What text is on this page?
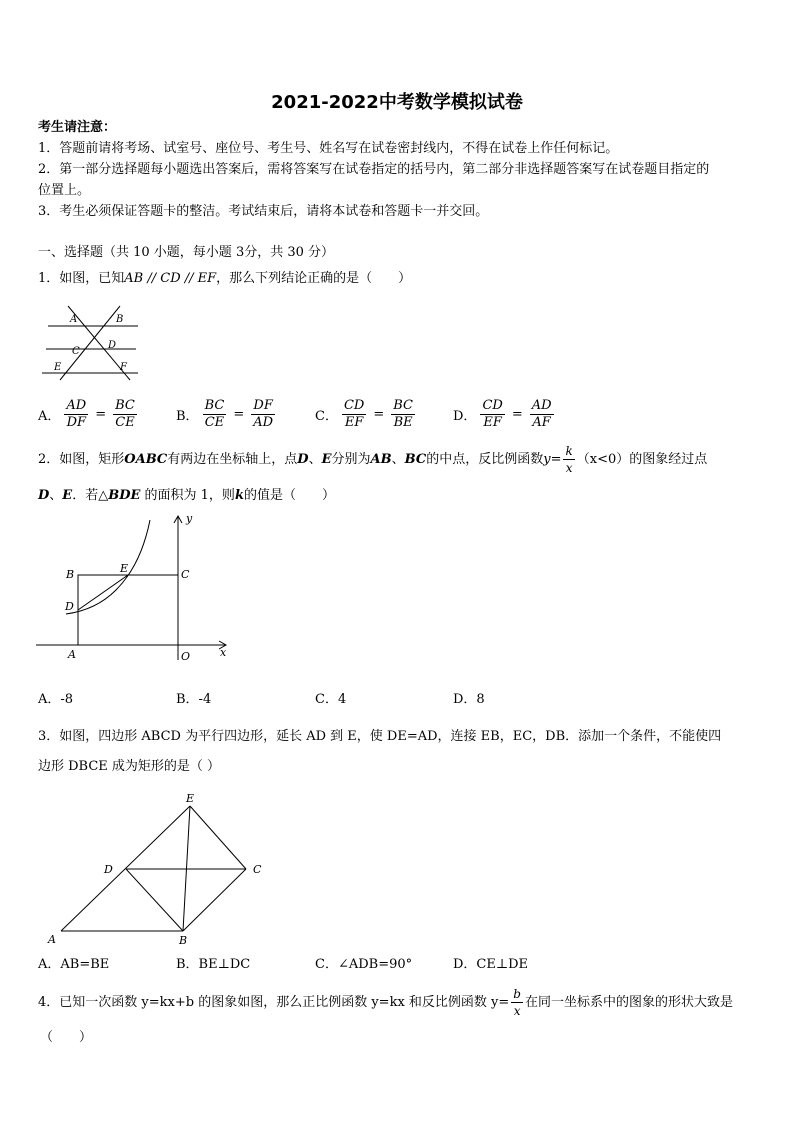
2021-2022中考数学模拟试卷
考生请注意：
1．答题前请将考场、试室号、座位号、考生号、姓名写在试卷密封线内，不得在试卷上作任何标记。
2．第一部分选择题每小题选出答案后，需将答案写在试卷指定的括号内，第二部分非选择题答案写在试卷题目指定的
位置上。
3．考生必须保证答题卡的整洁。考试结束后，请将本试卷和答题卡一并交回。
一、选择题（共 10 小题，每小题 3分，共 30 分）
1．如图，已知AB // CD // EF，那么下列结论正确的是（　　）
A	B
C
D
E	F
A． $\frac{AD}{DF} = \frac{BC}{CE}$	B． $\frac{BC}{CE} = \frac{DF}{AD}$	C． $\frac{CD}{EF} = \frac{BC}{BE}$	D． $\frac{CD}{EF} = \frac{AD}{AF}$
2．如图，矩形 OABC 有两边在坐标轴上，点 D 、 E 分别为 AB 、 BC 的中点，反比例函数 $y= \frac{k}{x} (x<0)$的图象经过点
D、E．若△BDE 的面积为 1，则k的值是（　　）
y
B	E	C
D
A	O	x
A．-8	B．-4	C．4	D．8
3．如图，四边形 ABCD 为平行四边形，延长 AD 到 E，使 DE=AD，连接 EB，EC，DB．添加一个条件，不能使四
边形 DBCE 成为矩形的是（ ）
E
D	C
A	B
A．AB=BE	B．BE⊥DC	C．∠ADB=90°	D．CE⊥DE
4．已知一次函数 y=kx+b 的图象如图，那么正比例函数 y=kx 和反比例函数 $y= \frac{b}{x}$ 在同一坐标系中的图象的形状大致是
（　　）
